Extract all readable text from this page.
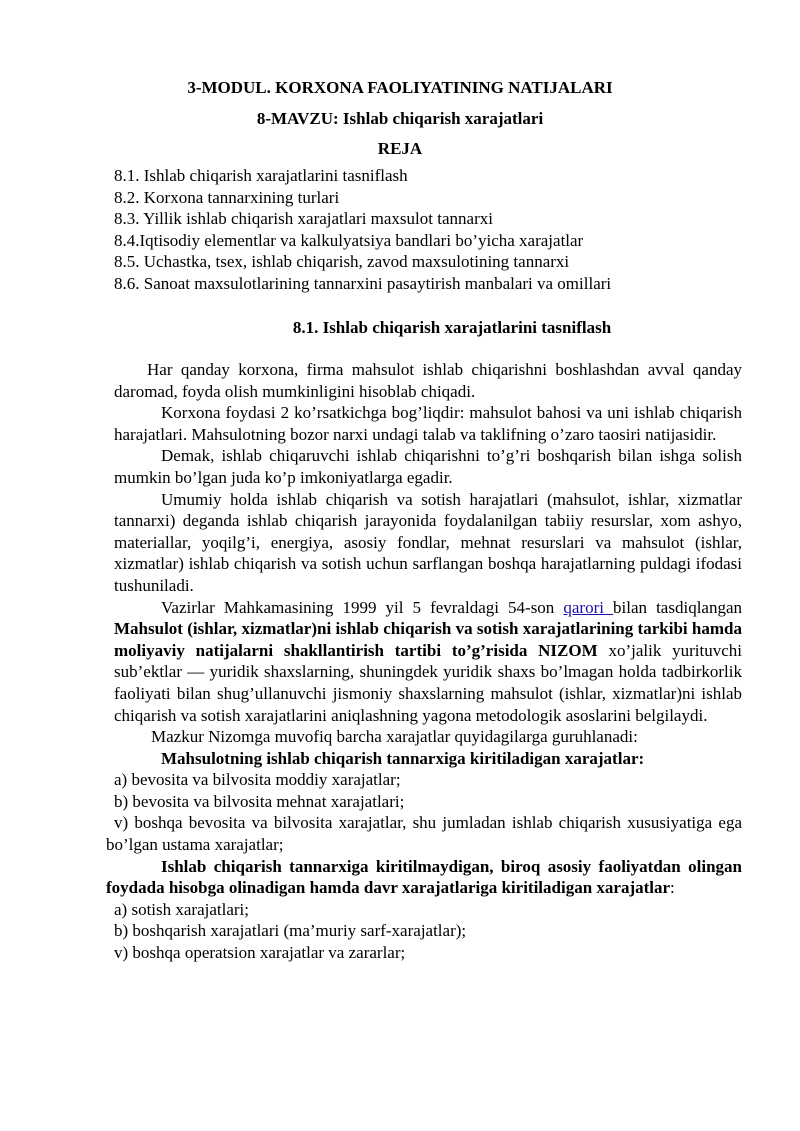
3-MODUL. KORXONA FAOLIYATINING NATIJALARI
8-MAVZU: Ishlab chiqarish xarajatlari
REJA
8.1. Ishlab chiqarish xarajatlarini tasniflash
8.2. Korxona tannarxining turlari
8.3. Yillik ishlab chiqarish xarajatlari maxsulot tannarxi
8.4.Iqtisodiy elementlar va kalkulyatsiya bandlari bo’yicha xarajatlar
8.5. Uchastka, tsex, ishlab chiqarish, zavod maxsulotining tannarxi
8.6. Sanoat maxsulotlarining tannarxini pasaytirish manbalari va omillari
8.1. Ishlab chiqarish xarajatlarini tasniflash

Har qanday korxona, firma mahsulot ishlab chiqarishni boshlashdan avval qanday daromad, foyda olish mumkinligini hisoblab chiqadi.

Korxona foydasi 2 ko’rsatkichga bog’liqdir: mahsulot bahosi va uni ishlab chiqarish harajatlari. Mahsulotning bozor narxi undagi talab va taklifning o’zaro taosiri natijasidir.

Demak, ishlab chiqaruvchi ishlab chiqarishni to’g’ri boshqarish bilan ishga solish mumkin bo’lgan juda ko’p imkoniyatlarga egadir.

Umumiy holda ishlab chiqarish va sotish harajatlari (mahsulot, ishlar, xizmatlar tannarxi) deganda ishlab chiqarish jarayonida foydalanilgan tabiiy resurslar, xom ashyo, materiallar, yoqilg’i, energiya, asosiy fondlar, mehnat resurslari va mahsulot (ishlar, xizmatlar) ishlab chiqarish va sotish uchun sarflangan boshqa harajatlarning puldagi ifodasi tushuniladi.

Vazirlar Mahkamasining 1999 yil 5 fevraldagi 54-son qarori bilan tasdiqlangan Mahsulot (ishlar, xizmatlar)ni ishlab chiqarish va sotish xarajatlarining tarkibi hamda moliyaviy natijalarni shakllantirish tartibi to’g’risida NIZOM xo’jalik yurituvchi sub’ektlar — yuridik shaxslarning, shuningdek yuridik shaxs bo’lmagan holda tadbirkorlik faoliyati bilan shug’ullanuvchi jismoniy shaxslarning mahsulot (ishlar, xizmatlar)ni ishlab chiqarish va sotish xarajatlarini aniqlashning yagona metodologik asoslarini belgilaydi.

Mazkur Nizomga muvofiq barcha xarajatlar quyidagilarga guruhlanadi:

Mahsulotning ishlab chiqarish tannarxiga kiritiladigan xarajatlar:

a) bevosita va bilvosita moddiy xarajatlar;

b) bevosita va bilvosita mehnat xarajatlari;

v) boshqa bevosita va bilvosita xarajatlar, shu jumladan ishlab chiqarish xususiyatiga ega bo’lgan ustama xarajatlar;

Ishlab chiqarish tannarxiga kiritilmaydigan, biroq asosiy faoliyatdan olingan foydada hisobga olinadigan hamda davr xarajatlariga kiritiladigan xarajatlar:

a) sotish xarajatlari;

b) boshqarish xarajatlari (ma’muriy sarf-xarajatlar);

v) boshqa operatsion xarajatlar va zararlar;
